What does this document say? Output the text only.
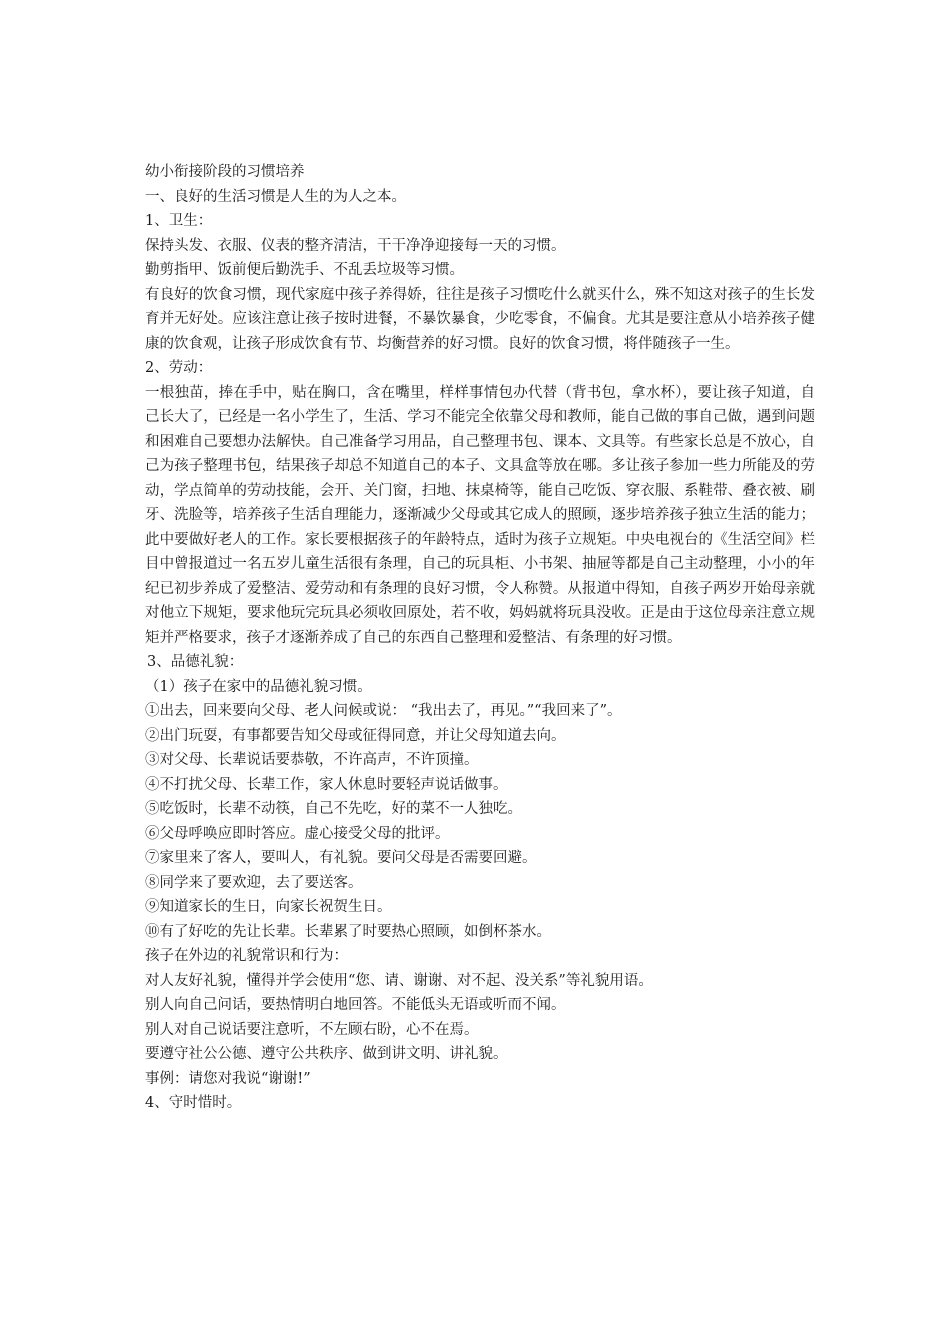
幼小衔接阶段的习惯培养

一、良好的生活习惯是人生的为人之本。

1、卫生：

保持头发、衣服、仪表的整齐清洁，干干净净迎接每一天的习惯。

勤剪指甲、饭前便后勤洗手、不乱丢垃圾等习惯。

有良好的饮食习惯，现代家庭中孩子养得娇，往往是孩子习惯吃什么就买什么，殊不知这对孩子的生长发育并无好处。应该注意让孩子按时进餐，不暴饮暴食，少吃零食，不偏食。尤其是要注意从小培养孩子健康的饮食观，让孩子形成饮食有节、均衡营养的好习惯。良好的饮食习惯，将伴随孩子一生。

2、劳动：

一根独苗，捧在手中，贴在胸口，含在嘴里，样样事情包办代替（背书包，拿水杯），要让孩子知道，自己长大了，已经是一名小学生了，生活、学习不能完全依靠父母和教师，能自己做的事自己做，遇到问题和困难自己要想办法解快。自己准备学习用品，自己整理书包、课本、文具等。有些家长总是不放心，自己为孩子整理书包，结果孩子却总不知道自己的本子、文具盒等放在哪。多让孩子参加一些力所能及的劳动，学点简单的劳动技能，会开、关门窗，扫地、抹桌椅等，能自己吃饭、穿衣服、系鞋带、叠衣被、刷牙、洗脸等，培养孩子生活自理能力，逐渐减少父母或其它成人的照顾，逐步培养孩子独立生活的能力； 此中要做好老人的工作。家长要根据孩子的年龄特点，适时为孩子立规矩。中央电视台的《生活空间》栏目中曾报道过一名五岁儿童生活很有条理，自己的玩具柜、小书架、抽屉等都是自己主动整理，小小的年纪已初步养成了爱整洁、爱劳动和有条理的良好习惯，令人称赞。从报道中得知，自孩子两岁开始母亲就对他立下规矩，要求他玩完玩具必须收回原处，若不收，妈妈就将玩具没收。正是由于这位母亲注意立规矩并严格要求，孩子才逐渐养成了自己的东西自己整理和爱整洁、有条理的好习惯。

3、品德礼貌：

（1）孩子在家中的品德礼貌习惯。

①出去，回来要向父母、老人问候或说： “我出去了，再见。”“我回来了”。

②出门玩耍，有事都要告知父母或征得同意，并让父母知道去向。

③对父母、长辈说话要恭敬，不许高声，不许顶撞。

④不打扰父母、长辈工作，家人休息时要轻声说话做事。

⑤吃饭时，长辈不动筷，自己不先吃，好的菜不一人独吃。

⑥父母呼唤应即时答应。虚心接受父母的批评。

⑦家里来了客人，要叫人，有礼貌。要问父母是否需要回避。

⑧同学来了要欢迎，去了要送客。

⑨知道家长的生日，向家长祝贺生日。

⑩有了好吃的先让长辈。长辈累了时要热心照顾，如倒杯茶水。

孩子在外边的礼貌常识和行为：

对人友好礼貌，懂得并学会使用“您、请、谢谢、对不起、没关系”等礼貌用语。

别人向自己问话，要热情明白地回答。不能低头无语或听而不闻。

别人对自己说话要注意听，不左顾右盼，心不在焉。

要遵守社公公德、遵守公共秩序、做到讲文明、讲礼貌。

事例：请您对我说“谢谢!”

4、守时惜时。
